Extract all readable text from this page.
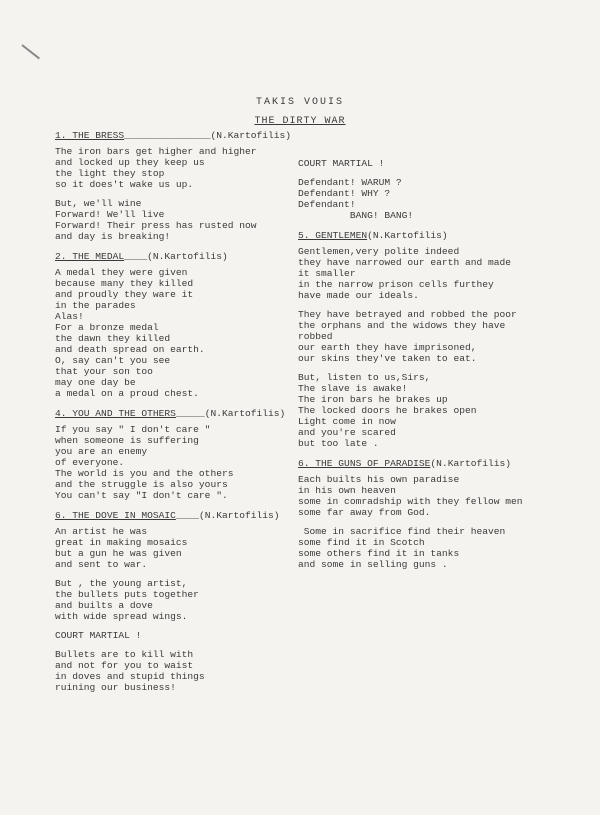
TAKIS VOUIS
THE DIRTY WAR
1. THE BRESS_______________(N.Kartofilis)
The iron bars get higher and higher
and locked up they keep us
the light they stop
so it does't wake us up.
But, we'll wine
Forward! We'll live
Forward! Their press has rusted now
and day is breaking!
2. THE MEDAL____(N.Kartofilis)
A medal they were given
because many they killed
and proudly they ware it
in the parades
Alas!
For a bronze medal
the dawn they killed
and death spread on earth.
O, say can't you see
that your son too
may one day be
a medal on a proud chest.
4. YOU AND THE OTHERS_____(N.Kartofilis)
If you say " I don't care "
when someone is suffering
you are an enemy
of everyone.
The world is you and the others
and the struggle is also yours
You can't say "I don't care ".
6. THE DOVE IN MOSAIC____(N.Kartofilis)
An artist he was
great in making mosaics
but a gun he was given
and sent to war.
But , the young artist,
the bullets puts together
and builts a dove
with wide spread wings.
COURT MARTIAL !
Bullets are to kill with
and not for you to waist
in doves and stupid things
ruining our business!
COURT MARTIAL !
Defendant! WARUM ?
Defendant! WHY ?
Defendant!
BANG! BANG!
5. GENTLEMEN(N.Kartofilis)
Gentlemen,very polite indeed
they have narrowed our earth and made
it smaller
in the narrow prison cells furthey
have made our ideals.
They have betrayed and robbed the poor
the orphans and the widows they have
robbed
our earth they have imprisoned,
our skins they've taken to eat.
But, listen to us,Sirs,
The slave is awake!
The iron bars he brakes up
The locked doors he brakes open
Light come in now
and you're scared
but too late .
6. THE GUNS OF PARADISE(N.Kartofilis)
Each builts his own paradise
in his own heaven
some in comradship with they fellow men
some far away from God.
Some in sacrifice find their heaven
some find it in Scotch
some others find it in tanks
and some in selling guns .
